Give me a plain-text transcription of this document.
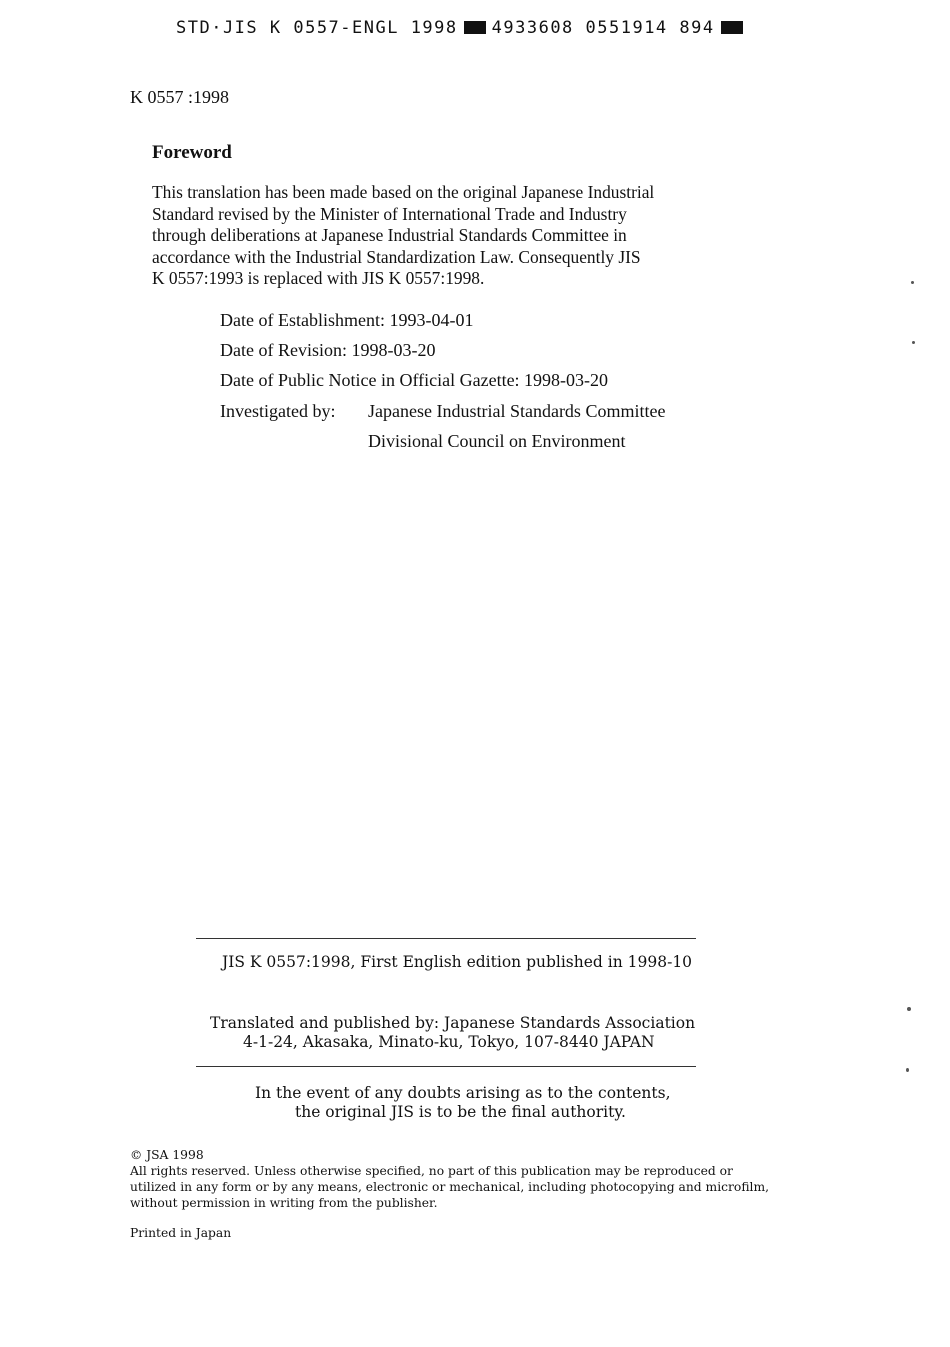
STD·JIS K 0557-ENGL 1998 4933608 0551914 894
K 0557 :1998
Foreword
This translation has been made based on the original Japanese Industrial
Standard revised by the Minister of International Trade and Industry
through deliberations at Japanese Industrial Standards Committee in
accordance with the Industrial Standardization Law. Consequently JIS
K 0557:1993 is replaced with JIS K 0557:1998.
Date of Establishment: 1993-04-01
Date of Revision: 1998-03-20
Date of Public Notice in Official Gazette: 1998-03-20
Investigated by: Japanese Industrial Standards Committee
Divisional Council on Environment
JIS K 0557:1998, First English edition published in 1998-10
Translated and published by: Japanese Standards Association
4-1-24, Akasaka, Minato-ku, Tokyo, 107-8440 JAPAN
In the event of any doubts arising as to the contents,
the original JIS is to be the final authority.
© JSA 1998
All rights reserved. Unless otherwise specified, no part of this publication may be reproduced or
utilized in any form or by any means, electronic or mechanical, including photocopying and microfilm,
without permission in writing from the publisher.
Printed in Japan
